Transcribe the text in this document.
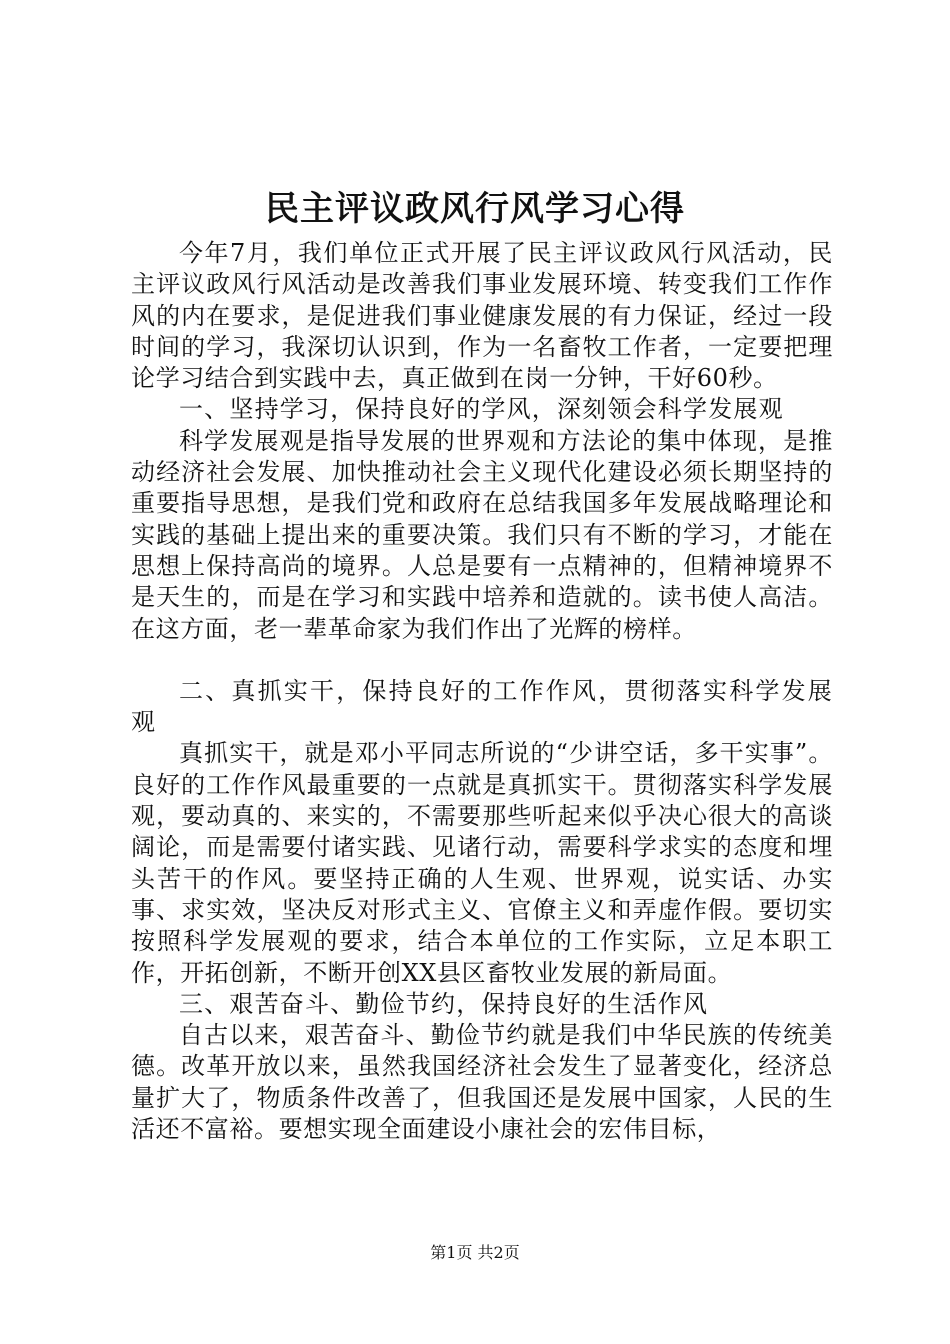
民主评议政风行风学习心得

今年7月，我们单位正式开展了民主评议政风行风活动，民主评议政风行风活动是改善我们事业发展环境、转变我们工作作风的内在要求，是促进我们事业健康发展的有力保证，经过一段时间的学习，我深切认识到，作为一名畜牧工作者，一定要把理论学习结合到实践中去，真正做到在岗一分钟，干好60秒。

一、坚持学习，保持良好的学风，深刻领会科学发展观

科学发展观是指导发展的世界观和方法论的集中体现，是推动经济社会发展、加快推动社会主义现代化建设必须长期坚持的重要指导思想，是我们党和政府在总结我国多年发展战略理论和实践的基础上提出来的重要决策。我们只有不断的学习，才能在思想上保持高尚的境界。人总是要有一点精神的，但精神境界不是天生的，而是在学习和实践中培养和造就的。读书使人高洁。在这方面，老一辈革命家为我们作出了光辉的榜样。

二、真抓实干，保持良好的工作作风，贯彻落实科学发展观

真抓实干，就是邓小平同志所说的“少讲空话，多干实事”。良好的工作作风最重要的一点就是真抓实干。贯彻落实科学发展观，要动真的、来实的，不需要那些听起来似乎决心很大的高谈阔论，而是需要付诸实践、见诸行动，需要科学求实的态度和埋头苦干的作风。要坚持正确的人生观、世界观，说实话、办实事、求实效，坚决反对形式主义、官僚主义和弄虚作假。要切实按照科学发展观的要求，结合本单位的工作实际，立足本职工作，开拓创新，不断开创XX县区畜牧业发展的新局面。

三、艰苦奋斗、勤俭节约，保持良好的生活作风

自古以来，艰苦奋斗、勤俭节约就是我们中华民族的传统美德。改革开放以来，虽然我国经济社会发生了显著变化，经济总量扩大了，物质条件改善了，但我国还是发展中国家，人民的生活还不富裕。要想实现全面建设小康社会的宏伟目标，

第1页 共2页
